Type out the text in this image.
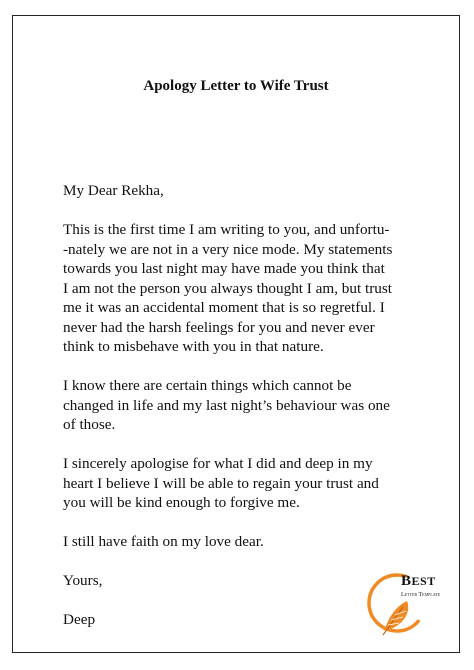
Apology Letter to Wife Trust

My Dear Rekha,

This is the first time I am writing to you, and unfortu-
-nately we are not in a very nice mode. My statements
towards you last night may have made you think that
I am not the person you always thought I am, but trust
me it was an accidental moment that is so regretful. I
never had the harsh feelings for you and never ever
think to misbehave with you in that nature.

I know there are certain things which cannot be
changed in life and my last night’s behaviour was one
of those.

I sincerely apologise for what I did and deep in my
heart I believe I will be able to regain your trust and
you will be kind enough to forgive me.

I still have faith on my love dear.

Yours,

Deep

BEST
Letter Template
